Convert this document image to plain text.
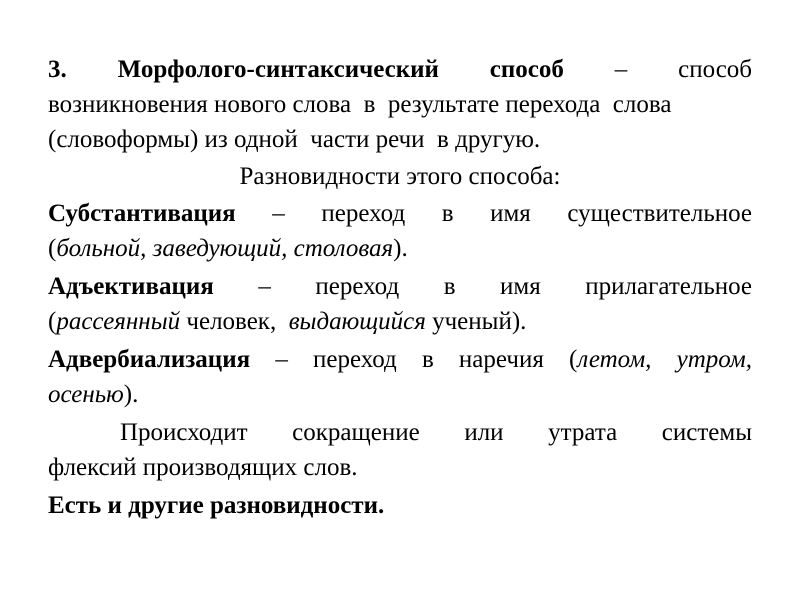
3. Морфолого-синтаксический способ – способ
возникновения нового слова  в  результате перехода  слова
(словоформы) из одной  части речи  в другую.
Разновидности этого способа:
Субстантивация – переход в имя существительное
(больной, заведующий, столовая).
Адъективация – переход в имя прилагательное
(рассеянный человек,  выдающийся ученый).
Адвербиализация – переход в наречия (летом, утром,
осенью).
Происходит сокращение или утрата системы
флексий производящих слов.
Есть и другие разновидности.
